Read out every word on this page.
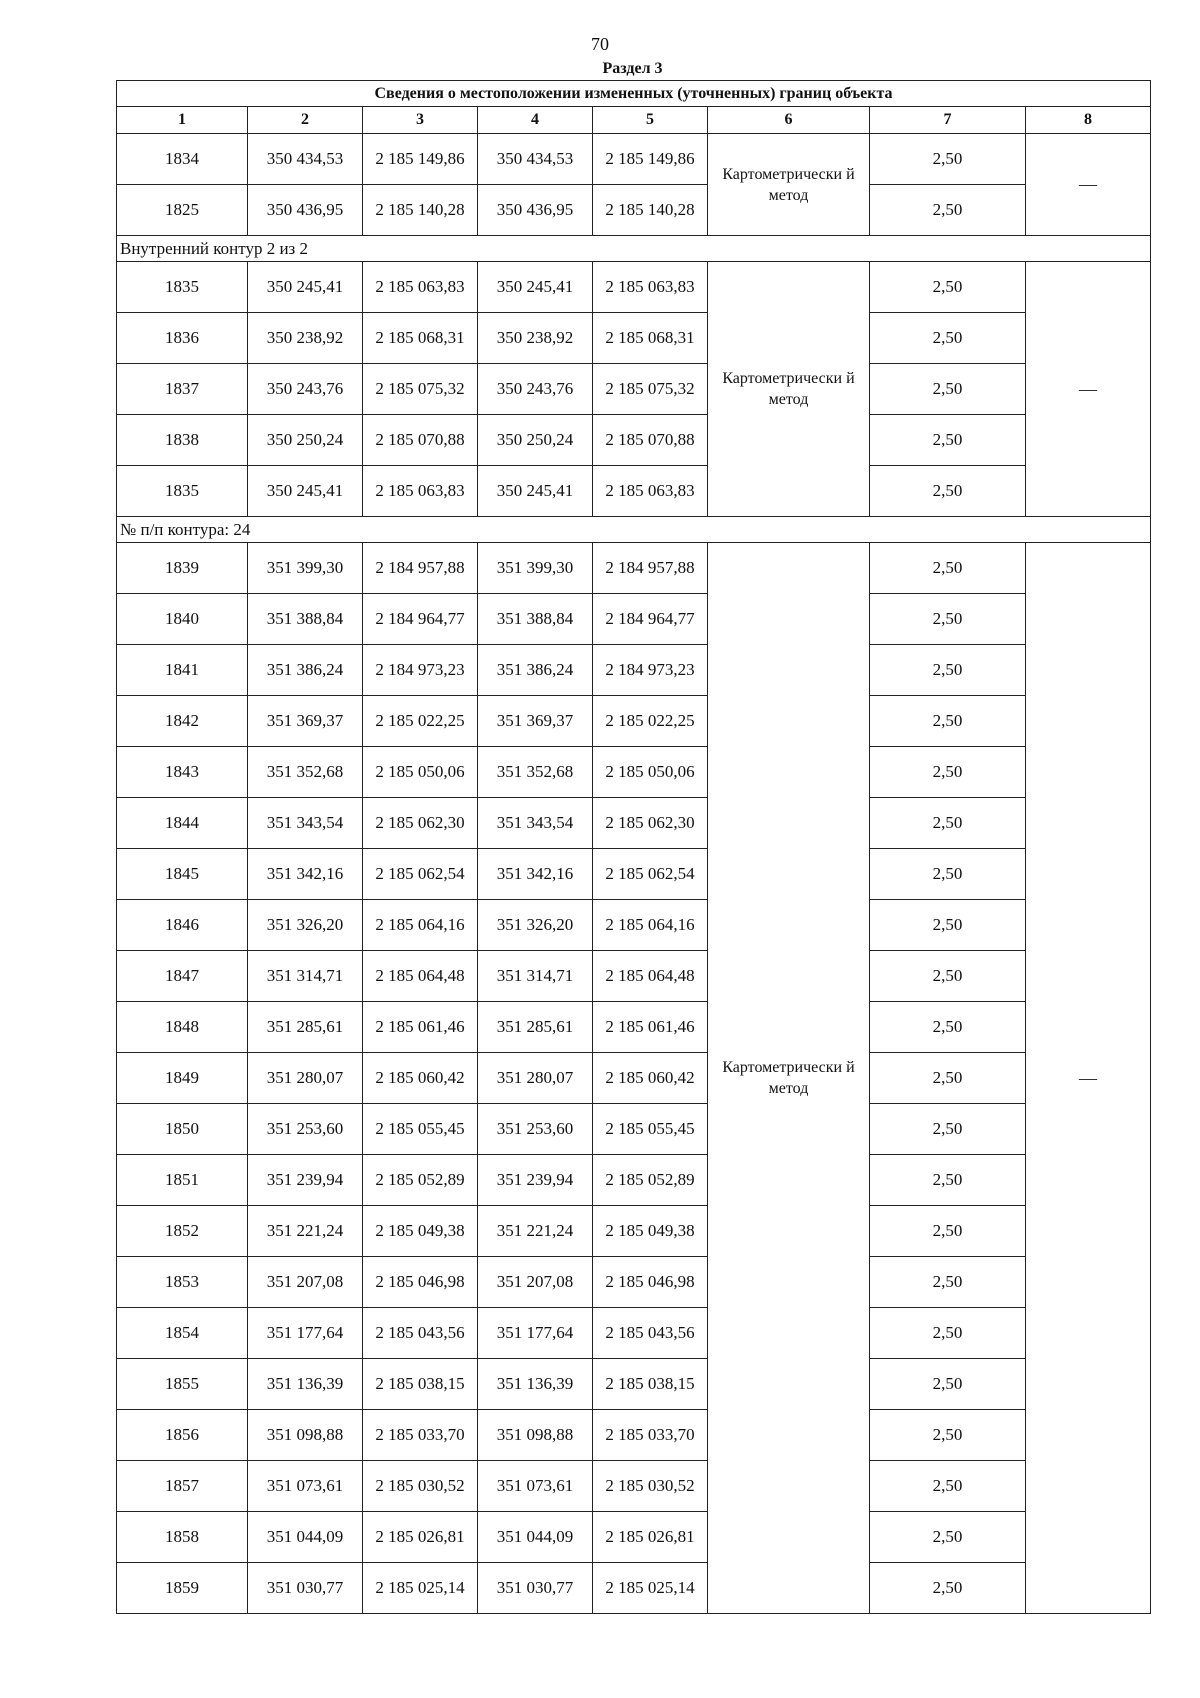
70
Раздел 3
Сведения о местоположении измененных (уточненных) границ объекта							
1	2	3	4	5	6	7	8
1834	350 434,53	2 185 149,86	350 434,53	2 185 149,86	Картометрически й метод	2,50	—
1825	350 436,95	2 185 140,28	350 436,95	2 185 140,28		2,50	
Внутренний контур 2 из 2							
1835	350 245,41	2 185 063,83	350 245,41	2 185 063,83	Картометрически й метод	2,50	—
1836	350 238,92	2 185 068,31	350 238,92	2 185 068,31		2,50	
1837	350 243,76	2 185 075,32	350 243,76	2 185 075,32		2,50	
1838	350 250,24	2 185 070,88	350 250,24	2 185 070,88		2,50	
1835	350 245,41	2 185 063,83	350 245,41	2 185 063,83		2,50	
№ п/п контура: 24							
1839	351 399,30	2 184 957,88	351 399,30	2 184 957,88	Картометрически й метод	2,50	—
1840	351 388,84	2 184 964,77	351 388,84	2 184 964,77		2,50	
1841	351 386,24	2 184 973,23	351 386,24	2 184 973,23		2,50	
1842	351 369,37	2 185 022,25	351 369,37	2 185 022,25		2,50	
1843	351 352,68	2 185 050,06	351 352,68	2 185 050,06		2,50	
1844	351 343,54	2 185 062,30	351 343,54	2 185 062,30		2,50	
1845	351 342,16	2 185 062,54	351 342,16	2 185 062,54		2,50	
1846	351 326,20	2 185 064,16	351 326,20	2 185 064,16		2,50	
1847	351 314,71	2 185 064,48	351 314,71	2 185 064,48		2,50	
1848	351 285,61	2 185 061,46	351 285,61	2 185 061,46		2,50	
1849	351 280,07	2 185 060,42	351 280,07	2 185 060,42		2,50	
1850	351 253,60	2 185 055,45	351 253,60	2 185 055,45		2,50	
1851	351 239,94	2 185 052,89	351 239,94	2 185 052,89		2,50	
1852	351 221,24	2 185 049,38	351 221,24	2 185 049,38		2,50	
1853	351 207,08	2 185 046,98	351 207,08	2 185 046,98		2,50	
1854	351 177,64	2 185 043,56	351 177,64	2 185 043,56		2,50	
1855	351 136,39	2 185 038,15	351 136,39	2 185 038,15		2,50	
1856	351 098,88	2 185 033,70	351 098,88	2 185 033,70		2,50	
1857	351 073,61	2 185 030,52	351 073,61	2 185 030,52		2,50	
1858	351 044,09	2 185 026,81	351 044,09	2 185 026,81		2,50	
1859	351 030,77	2 185 025,14	351 030,77	2 185 025,14		2,50	
